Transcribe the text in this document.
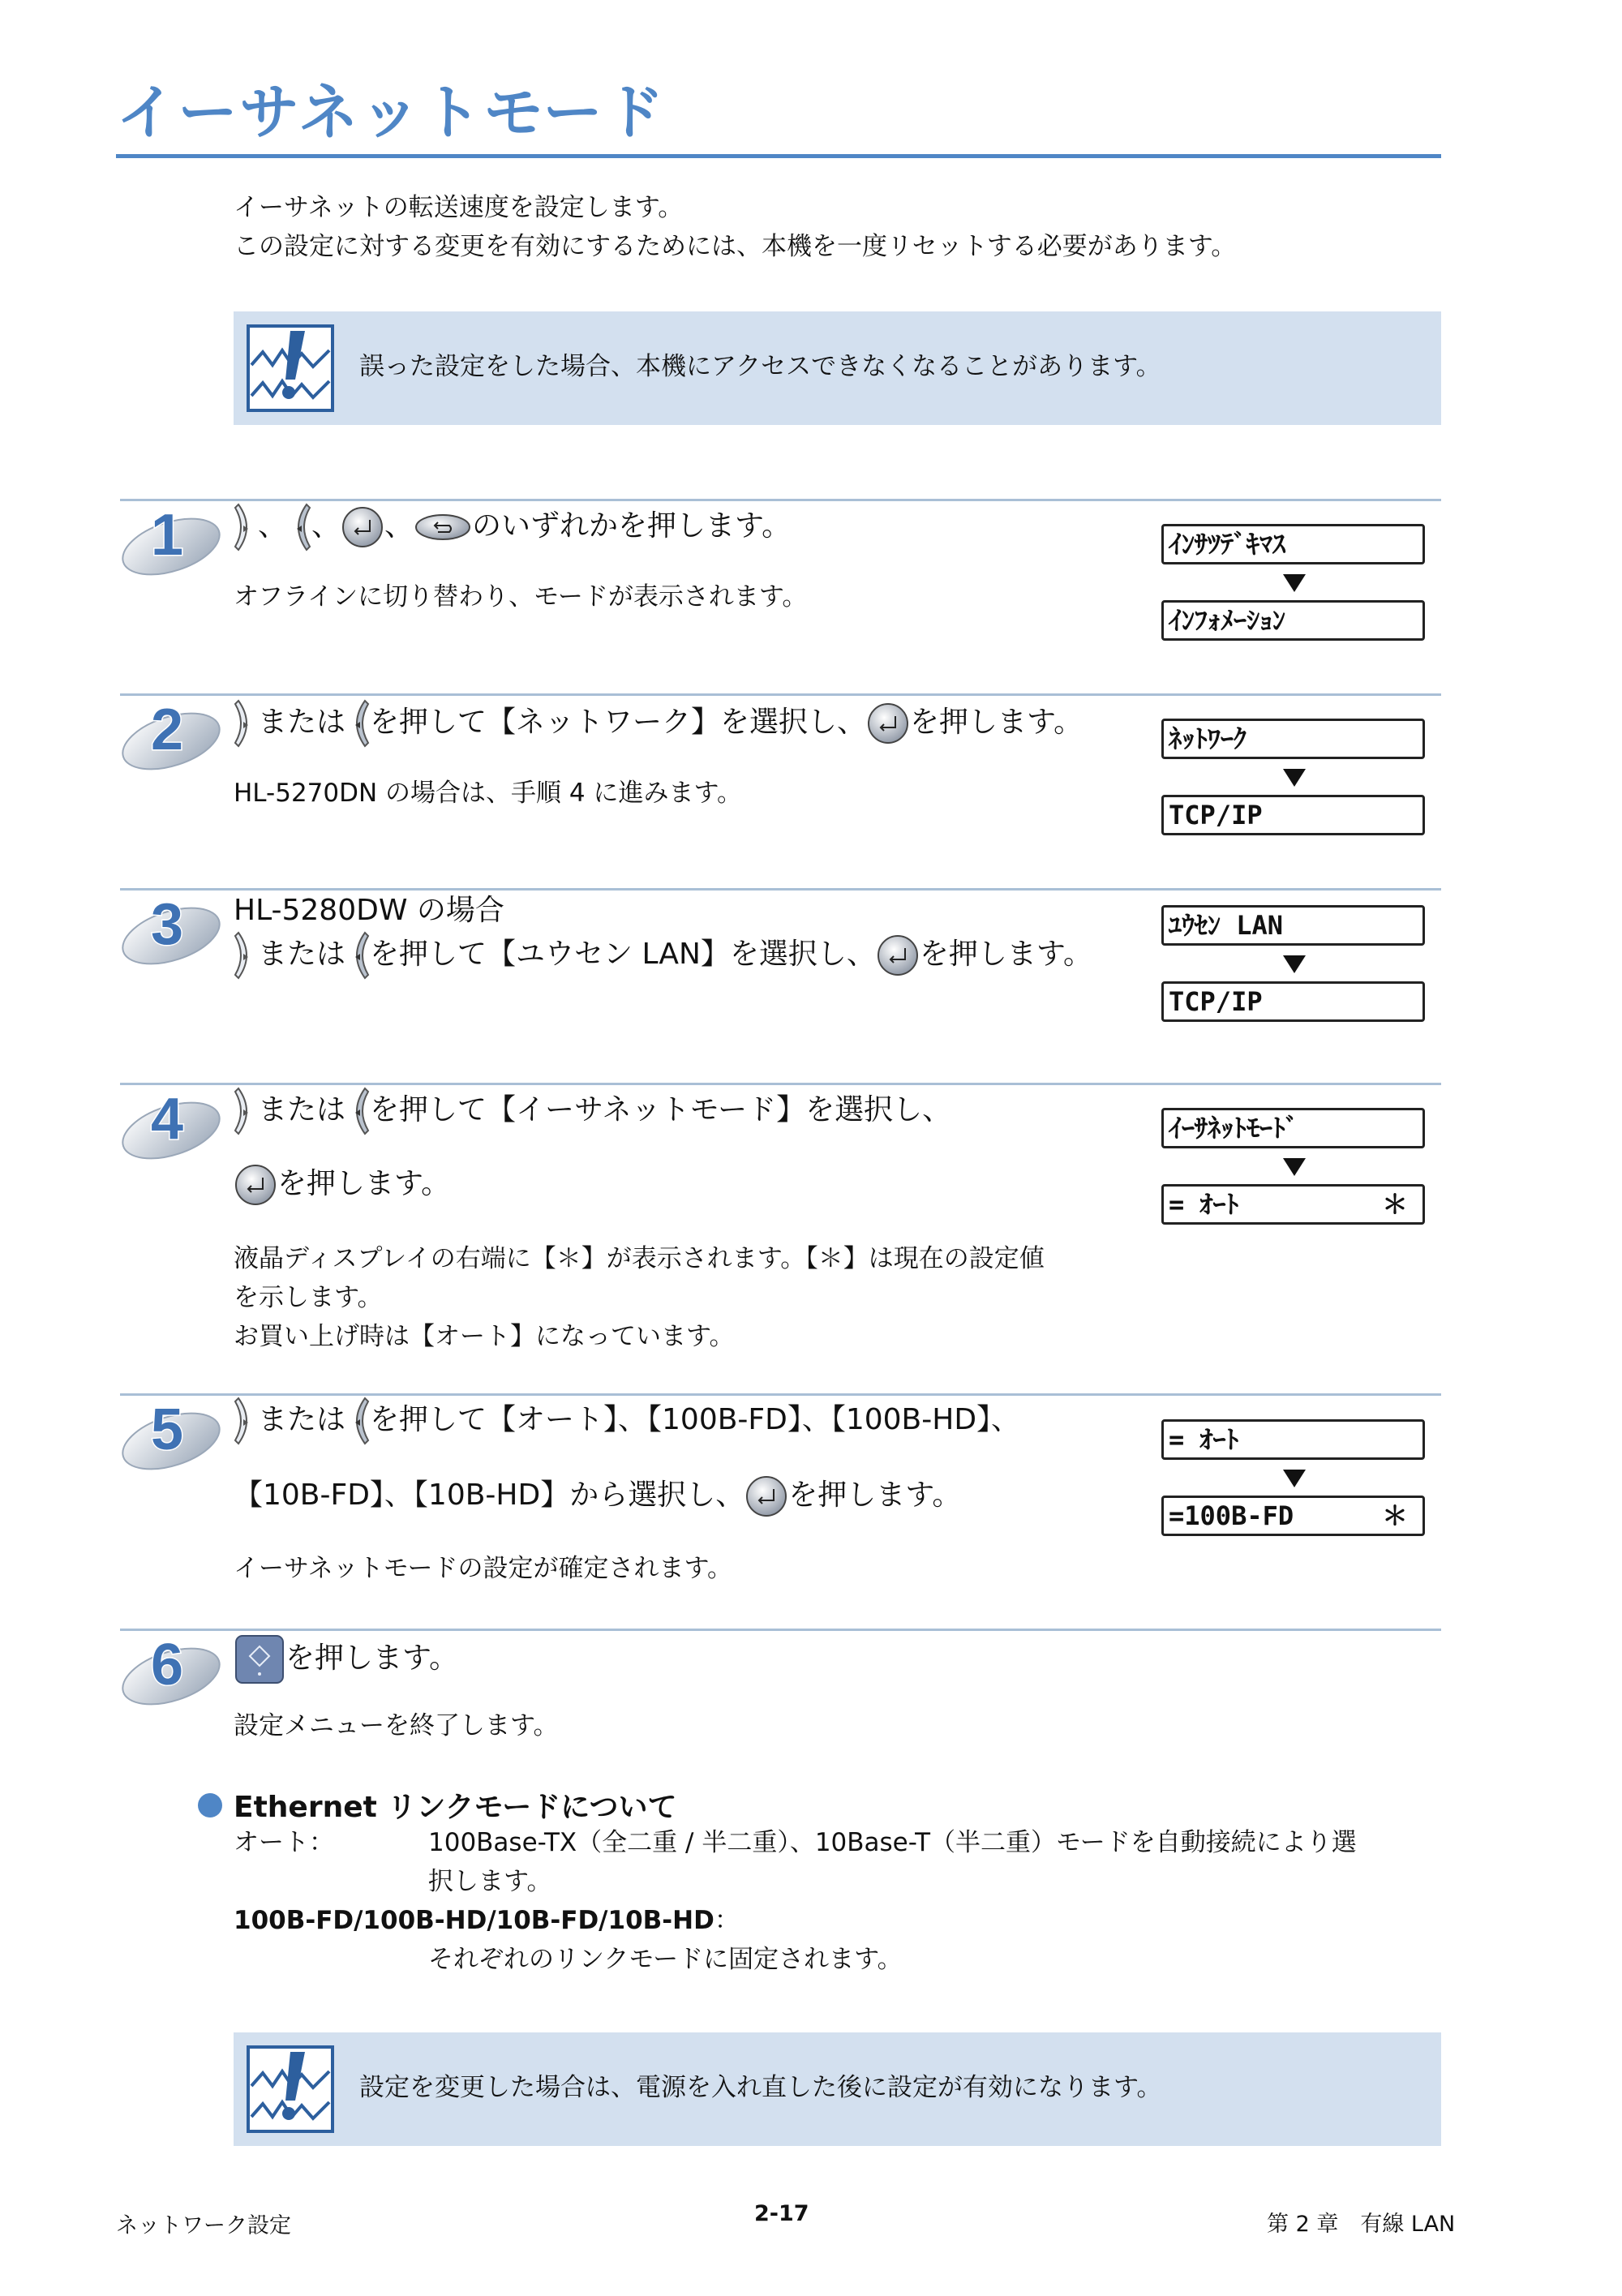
イーサネットモード
イーサネットの転送速度を設定します。
この設定に対する変更を有効にするためには、本機を一度リセットする必要があります。
誤った設定をした場合、本機にアクセスできなくなることがあります。
1	、 、 、 のいずれかを押します。
オフラインに切り替わり、モードが表示されます。
ｲﾝｻﾂﾃﾞｷﾏｽ
ｲﾝﾌｫﾒｰｼｮﾝ
2	または を押して【ネットワーク】を選択し、 を押します。
HL-5270DN の場合は、手順 4 に進みます。
ﾈｯﾄﾜｰｸ
TCP/IP
3 HL-5280DW の場合
または を押して【ユウセン LAN】を選択し、 を押します。
ﾕｳｾﾝ LAN
TCP/IP
4	または を押して【イーサネットモード】を選択し、
を押します。
液晶ディスプレイの右端に【＊】が表示されます。【＊】は現在の設定値
を示します。
お買い上げ時は【オート】になっています。
ｲｰｻﾈｯﾄﾓｰﾄﾞ
= ｵｰﾄ	＊
5	または を押して【オート】、【100B-FD】、【100B-HD】、
【10B-FD】、【10B-HD】から選択し、 を押します。
イーサネットモードの設定が確定されます。
= ｵｰﾄ
=100B-FD	＊
6	を押します。
設定メニューを終了します。
Ethernet リンクモードについて
オート：	100Base-TX（全二重 / 半二重）、10Base-T（半二重）モードを自動接続により選
択します。
100B-FD/100B-HD/10B-FD/10B-HD：
それぞれのリンクモードに固定されます。
設定を変更した場合は、電源を入れ直した後に設定が有効になります。
ネットワーク設定	2-17	第 2 章　有線 LAN
